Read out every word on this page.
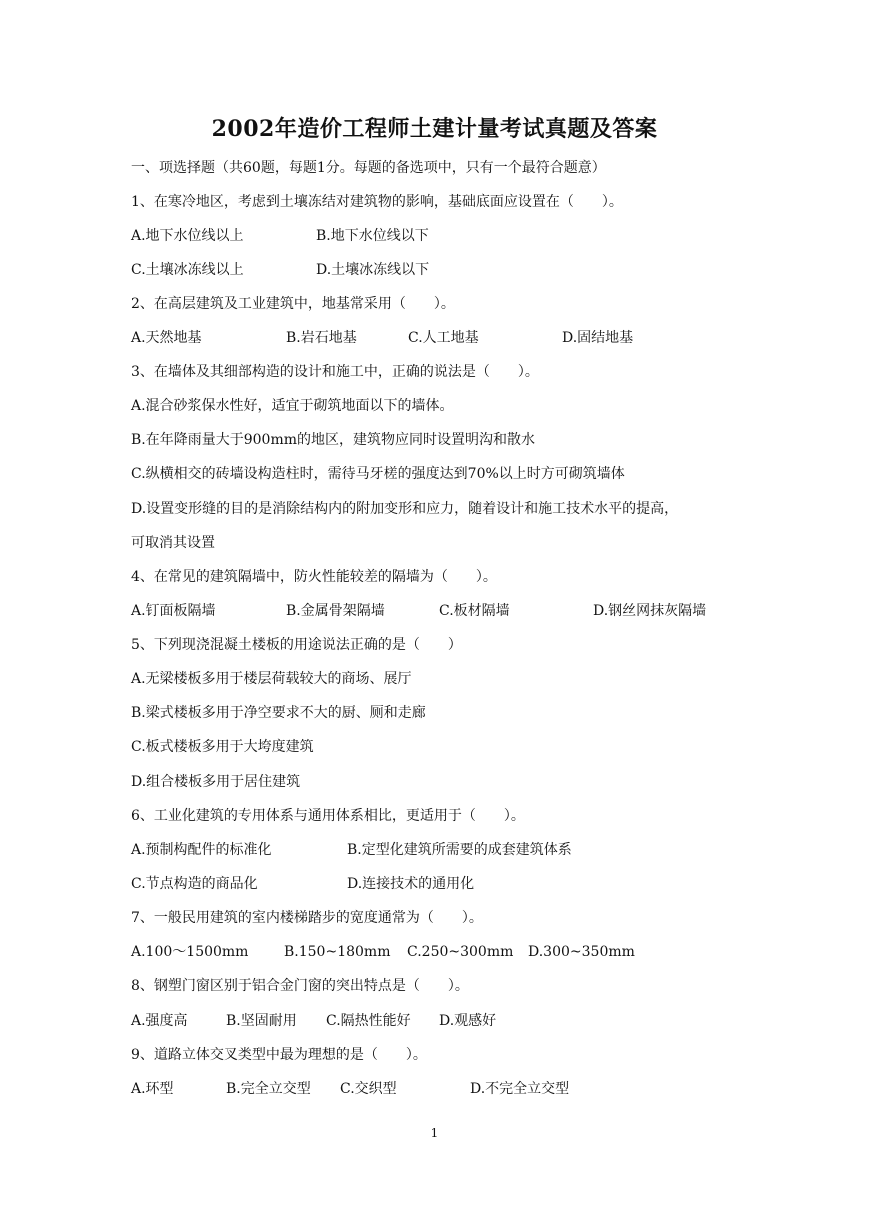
2002年造价工程师土建计量考试真题及答案
一、项选择题（共60题，每题1分。每题的备选项中，只有一个最符合题意）
1、在寒冷地区，考虑到土壤冻结对建筑物的影响，基础底面应设置在（　　）。
A.地下水位线以上	B.地下水位线以下
C.土壤冰冻线以上	D.土壤冰冻线以下
2、在高层建筑及工业建筑中，地基常采用（　　）。
A.天然地基	B.岩石地基	C.人工地基	D.固结地基
3、在墙体及其细部构造的设计和施工中，正确的说法是（　　）。
A.混合砂浆保水性好，适宜于砌筑地面以下的墙体。
B.在年降雨量大于900mm的地区，建筑物应同时设置明沟和散水
C.纵横相交的砖墙设构造柱时，需待马牙槎的强度达到70%以上时方可砌筑墙体
D.设置变形缝的目的是消除结构内的附加变形和应力，随着设计和施工技术水平的提高，
可取消其设置
4、在常见的建筑隔墙中，防火性能较差的隔墙为（　　）。
A.钉面板隔墙	B.金属骨架隔墙	C.板材隔墙	D.钢丝网抹灰隔墙
5、下列现浇混凝土楼板的用途说法正确的是（　　）
A.无梁楼板多用于楼层荷载较大的商场、展厅
B.梁式楼板多用于净空要求不大的厨、厕和走廊
C.板式楼板多用于大垮度建筑
D.组合楼板多用于居住建筑
6、工业化建筑的专用体系与通用体系相比，更适用于（　　）。
A.预制构配件的标准化	B.定型化建筑所需要的成套建筑体系
C.节点构造的商品化	D.连接技术的通用化
7、一般民用建筑的室内楼梯踏步的宽度通常为（　　）。
A.100～1500mm	B.150~180mm C.250~300mm D.300~350mm
8、钢塑门窗区别于铝合金门窗的突出特点是（　　）。
A.强度高	B.坚固耐用 C.隔热性能好 D.观感好
9、道路立体交叉类型中最为理想的是（　　）。
A.环型	B.完全立交型 C.交织型	D.不完全立交型
1
